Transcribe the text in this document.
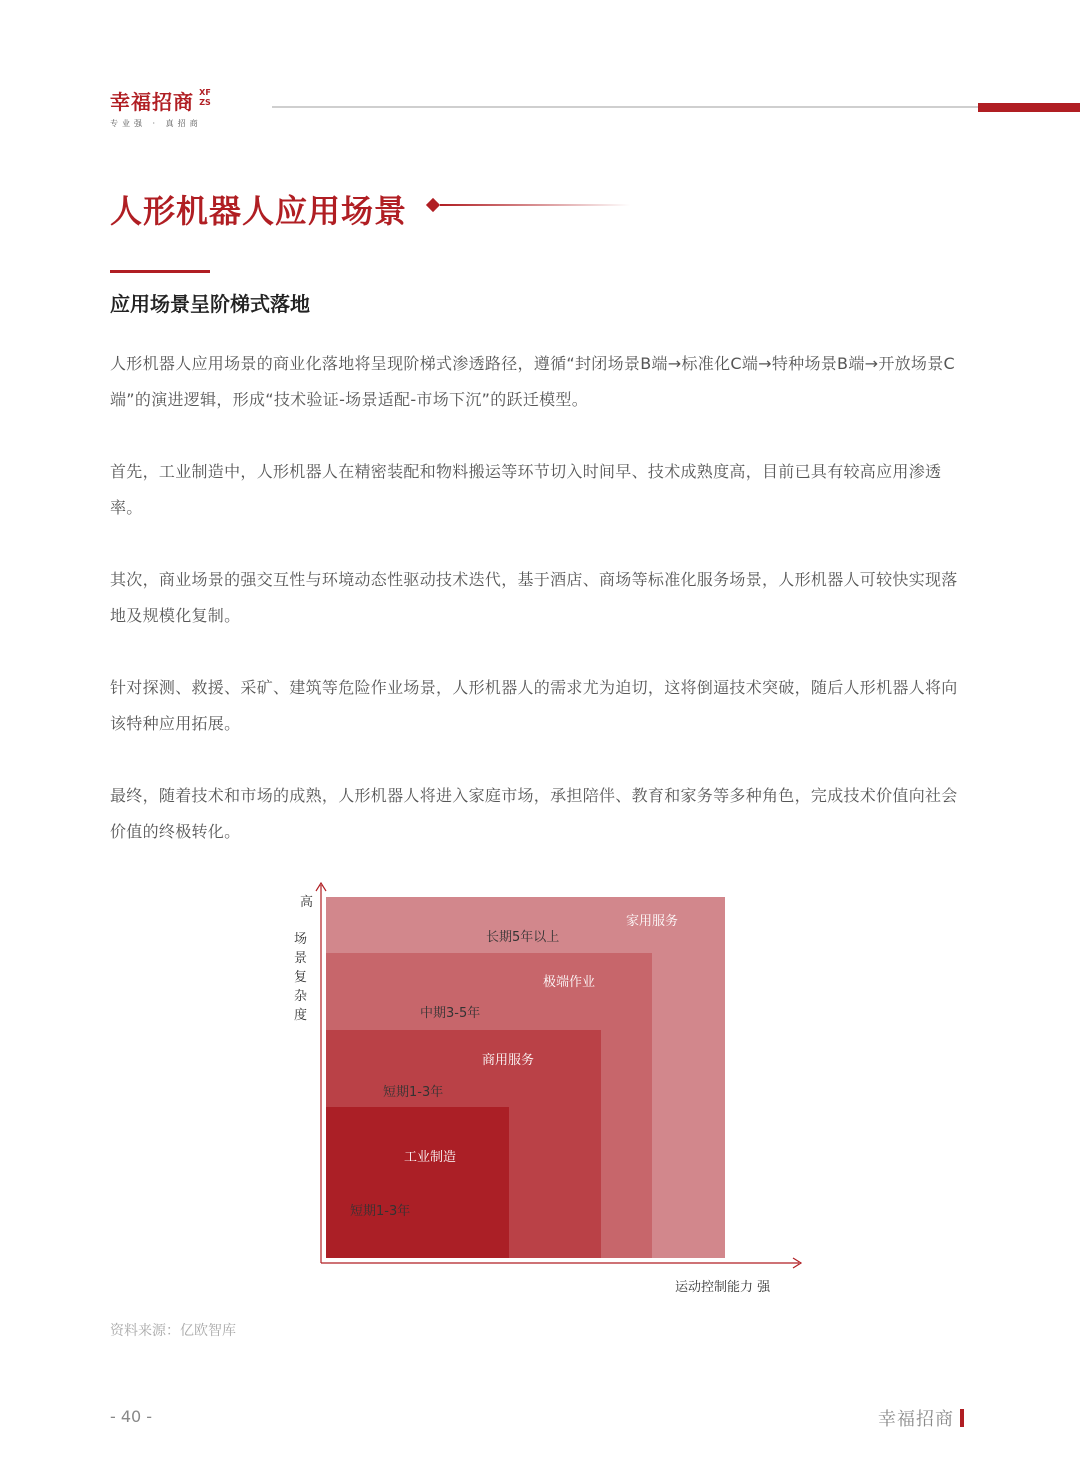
幸福招商 XF ZS
专业强 · 真招商
人形机器人应用场景
应用场景呈阶梯式落地

人形机器人应用场景的商业化落地将呈现阶梯式渗透路径，遵循“封闭场景B端→标准化C端→特种场景B端→开放场景C端”的演进逻辑，形成“技术验证-场景适配-市场下沉”的跃迁模型。

首先，工业制造中，人形机器人在精密装配和物料搬运等环节切入时间早、技术成熟度高，目前已具有较高应用渗透率。

其次，商业场景的强交互性与环境动态性驱动技术迭代，基于酒店、商场等标准化服务场景，人形机器人可较快实现落地及规模化复制。

针对探测、救援、采矿、建筑等危险作业场景，人形机器人的需求尤为迫切，这将倒逼技术突破，随后人形机器人将向该特种应用拓展。

最终，随着技术和市场的成熟，人形机器人将进入家庭市场，承担陪伴、教育和家务等多种角色，完成技术价值向社会价值的终极转化。

高
场
景
复
杂
度
运动控制能力 强
家用服务
长期5年以上
极端作业
中期3-5年
商用服务
短期1-3年
工业制造
短期1-3年
资料来源：亿欧智库
- 40 -	幸福招商
